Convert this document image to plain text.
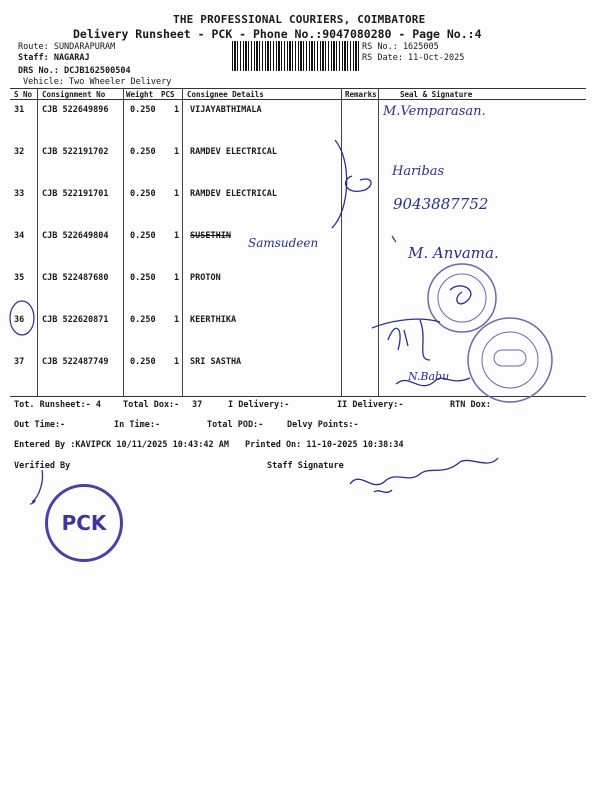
THE PROFESSIONAL COURIERS, COIMBATORE
Delivery Runsheet - PCK - Phone No.:9047080280 - Page No.:4
Route: SUNDARAPURAM
Staff: NAGARAJ
DRS No.: DCJB162500504
Vehicle: Two Wheeler Delivery
RS No.: 1625005
RS Date: 11-Oct-2025
S No Consignment No	Weight PCS Consignee Details	Remarks	Seal & Signature
31 CJB 522649896	0.250 1 VIJAYABTHIMALA
32 CJB 522191702	0.250 1 RAMDEV ELECTRICAL
33 CJB 522191701	0.250 1 RAMDEV ELECTRICAL
34 CJB 522649804	0.250 1 SUSETHIN
35 CJB 522487680	0.250 1 PROTON
36 CJB 522620871	0.250 1 KEERTHIKA
37 CJB 522487749	0.250 1 SRI SASTHA
Tot. Runsheet:- 4	Total Dox:- 37	I Delivery:-	II Delivery:-	RTN Dox:
Out Time:-	In Time:-	Total POD:-	Delvy Points:-
Entered By :KAVIPCK 10/11/2025 10:43:42 AM Printed On: 11-10-2025 10:38:34
Verified By	Staff Signature
M.Vemparasan.
Haribas
9043887752
Samsudeen
M. Anvama.
N.Babu
PCK
